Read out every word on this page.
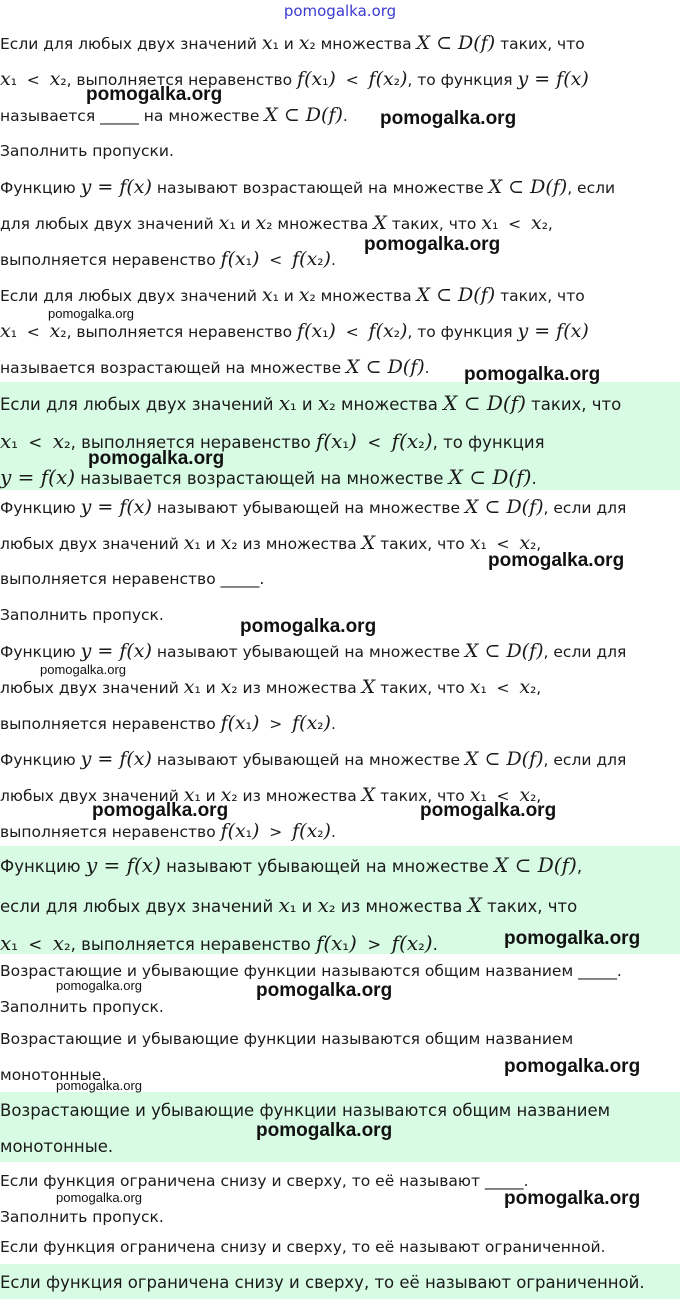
pomogalka.org
Если для любых двух значений x₁ и x₂ множества X ⊂ D(f) таких, что
x₁  <  x₂, выполняется неравенство f(x₁)  <  f(x₂), то функция y = f(x)
называется _____ на множестве X ⊂ D(f).
Заполнить пропуски.
Функцию y = f(x) называют возрастающей на множестве X ⊂ D(f), если
для любых двух значений x₁ и x₂ множества X таких, что x₁  <  x₂,
выполняется неравенство f(x₁)  <  f(x₂).
Если для любых двух значений x₁ и x₂ множества X ⊂ D(f) таких, что
x₁  <  x₂, выполняется неравенство f(x₁)  <  f(x₂), то функция y = f(x)
называется возрастающей на множестве X ⊂ D(f).
Если для любых двух значений x₁ и x₂ множества X ⊂ D(f) таких, что
x₁  <  x₂, выполняется неравенство f(x₁)  <  f(x₂), то функция
y = f(x) называется возрастающей на множестве X ⊂ D(f).
Функцию y = f(x) называют убывающей на множестве X ⊂ D(f), если для
любых двух значений x₁ и x₂ из множества X таких, что x₁  <  x₂,
выполняется неравенство _____.
Заполнить пропуск.
Функцию y = f(x) называют убывающей на множестве X ⊂ D(f), если для
любых двух значений x₁ и x₂ из множества X таких, что x₁  <  x₂,
выполняется неравенство f(x₁)  >  f(x₂).
Функцию y = f(x) называют убывающей на множестве X ⊂ D(f), если для
любых двух значений x₁ и x₂ из множества X таких, что x₁  <  x₂,
выполняется неравенство f(x₁)  >  f(x₂).
Функцию y = f(x) называют убывающей на множестве X ⊂ D(f),
если для любых двух значений x₁ и x₂ из множества X таких, что
x₁  <  x₂, выполняется неравенство f(x₁)  >  f(x₂).
Возрастающие и убывающие функции называются общим названием _____.
Заполнить пропуск.
Возрастающие и убывающие функции называются общим названием
монотонные.
Возрастающие и убывающие функции называются общим названием
монотонные.
Если функция ограничена снизу и сверху, то её называют _____.
Заполнить пропуск.
Если функция ограничена снизу и сверху, то её называют ограниченной.
Если функция ограничена снизу и сверху, то её называют ограниченной.
pomogalka.org
pomogalka.org
pomogalka.org
pomogalka.org
pomogalka.org
pomogalka.org
pomogalka.org
pomogalka.org
pomogalka.org
pomogalka.org	pomogalka.org
pomogalka.org
pomogalka.org	pomogalka.org
pomogalka.org
pomogalka.org
pomogalka.org
pomogalka.org	pomogalka.org
